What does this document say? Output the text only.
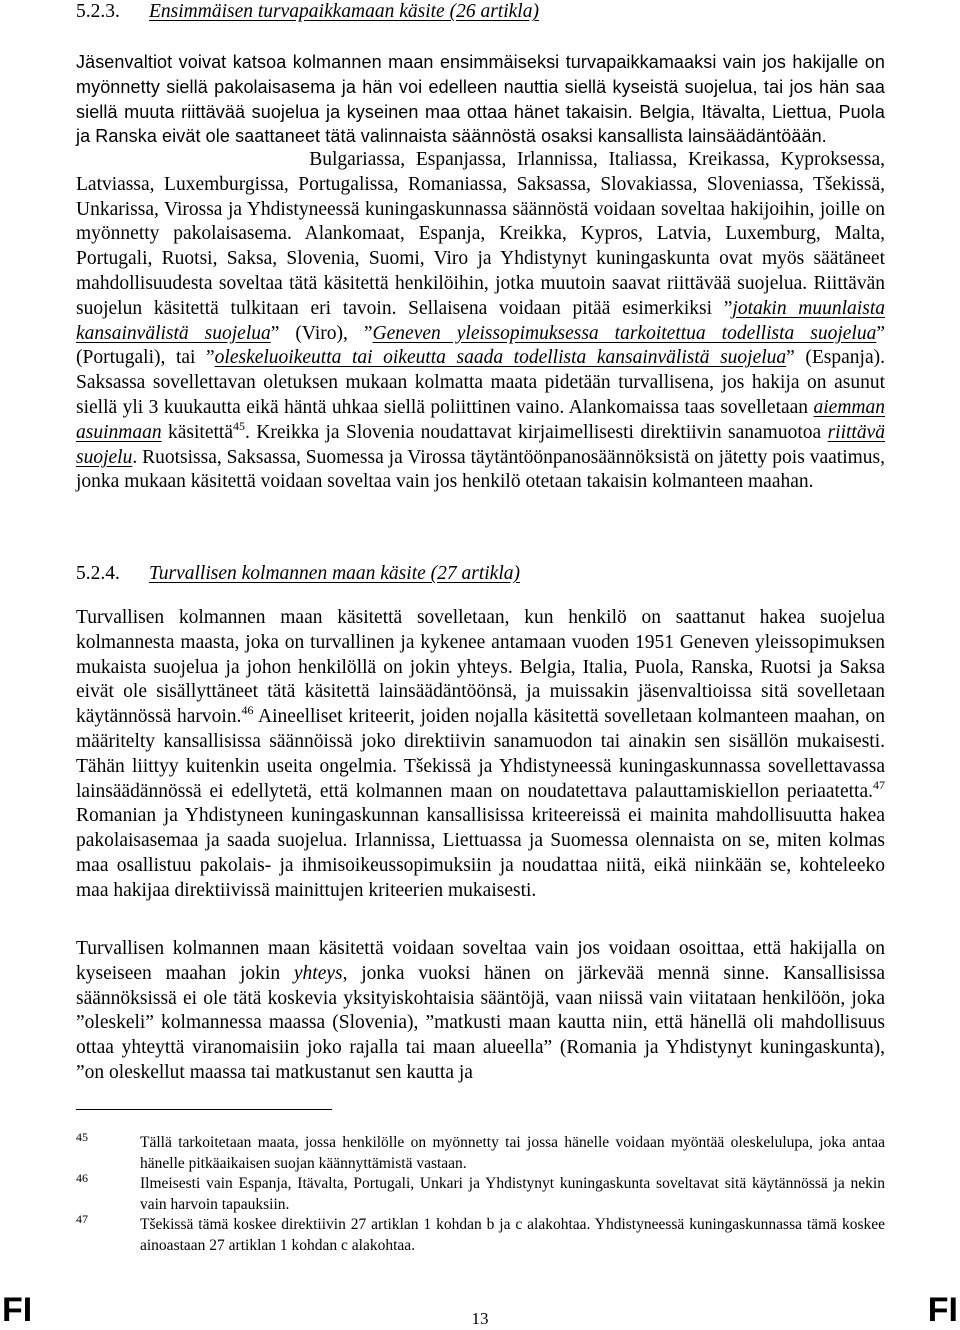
5.2.3. Ensimmäisen turvapaikkamaan käsite (26 artikla)
Jäsenvaltiot voivat katsoa kolmannen maan ensimmäiseksi turvapaikkamaaksi vain jos hakijalle on myönnetty siellä pakolaisasema ja hän voi edelleen nauttia siellä kyseistä suojelua, tai jos hän saa siellä muuta riittävää suojelua ja kyseinen maa ottaa hänet takaisin. Belgia, Itävalta, Liettua, Puola ja Ranska eivät ole saattaneet tätä valinnaista säännöstä osaksi kansallista lainsäädäntöään.
Bulgariassa, Espanjassa, Irlannissa, Italiassa, Kreikassa, Kyproksessa, Latviassa, Luxemburgissa, Portugalissa, Romaniassa, Saksassa, Slovakiassa, Sloveniassa, Tšekissä, Unkarissa, Virossa ja Yhdistyneessä kuningaskunnassa säännöstä voidaan soveltaa hakijoihin, joille on myönnetty pakolaisasema. Alankomaat, Espanja, Kreikka, Kypros, Latvia, Luxemburg, Malta, Portugali, Ruotsi, Saksa, Slovenia, Suomi, Viro ja Yhdistynyt kuningaskunta ovat myös säätäneet mahdollisuudesta soveltaa tätä käsitettä henkilöihin, jotka muutoin saavat riittävää suojelua. Riittävän suojelun käsitettä tulkitaan eri tavoin. Sellaisena voidaan pitää esimerkiksi ”jotakin muunlaista kansainvälistä suojelua” (Viro), ”Geneven yleissopimuksessa tarkoitettua todellista suojelua” (Portugali), tai ”oleskeluoikeutta tai oikeutta saada todellista kansainvälistä suojelua” (Espanja). Saksassa sovellettavan oletuksen mukaan kolmatta maata pidetään turvallisena, jos hakija on asunut siellä yli 3 kuukautta eikä häntä uhkaa siellä poliittinen vaino. Alankomaissa taas sovelletaan aiemman asuinmaan käsitettä$^{45}$. Kreikka ja Slovenia noudattavat kirjaimellisesti direktiivin sanamuotoa riittävä suojelu. Ruotsissa, Saksassa, Suomessa ja Virossa täytäntöönpanosäännöksistä on jätetty pois vaatimus, jonka mukaan käsitettä voidaan soveltaa vain jos henkilö otetaan takaisin kolmanteen maahan.
5.2.4. Turvallisen kolmannen maan käsite (27 artikla)
Turvallisen kolmannen maan käsitettä sovelletaan, kun henkilö on saattanut hakea suojelua kolmannesta maasta, joka on turvallinen ja kykenee antamaan vuoden 1951 Geneven yleissopimuksen mukaista suojelua ja johon henkilöllä on jokin yhteys. Belgia, Italia, Puola, Ranska, Ruotsi ja Saksa eivät ole sisällyttäneet tätä käsitettä lainsäädäntöönsä, ja muissakin jäsenvaltioissa sitä sovelletaan käytännössä harvoin.$^{46}$ Aineelliset kriteerit, joiden nojalla käsitettä sovelletaan kolmanteen maahan, on määritelty kansallisissa säännöissä joko direktiivin sanamuodon tai ainakin sen sisällön mukaisesti. Tähän liittyy kuitenkin useita ongelmia. Tšekissä ja Yhdistyneessä kuningaskunnassa sovellettavassa lainsäädännössä ei edellytetä, että kolmannen maan on noudatettava palauttamiskiellon periaatetta.$^{47}$ Romanian ja Yhdistyneen kuningaskunnan kansallisissa kriteereissä ei mainita mahdollisuutta hakea pakolaisasemaa ja saada suojelua. Irlannissa, Liettuassa ja Suomessa olennaista on se, miten kolmas maa osallistuu pakolais- ja ihmisoikeussopimuksiin ja noudattaa niitä, eikä niinkään se, kohteleeko maa hakijaa direktiivissä mainittujen kriteerien mukaisesti.
Turvallisen kolmannen maan käsitettä voidaan soveltaa vain jos voidaan osoittaa, että hakijalla on kyseiseen maahan jokin yhteys, jonka vuoksi hänen on järkevää mennä sinne. Kansallisissa säännöksissä ei ole tätä koskevia yksityiskohtaisia sääntöjä, vaan niissä vain viitataan henkilöön, joka ”oleskeli” kolmannessa maassa (Slovenia), ”matkusti maan kautta niin, että hänellä oli mahdollisuus ottaa yhteyttä viranomaisiin joko rajalla tai maan alueella” (Romania ja Yhdistynyt kuningaskunta), ”on oleskellut maassa tai matkustanut sen kautta ja
45	Tällä tarkoitetaan maata, jossa henkilölle on myönnetty tai jossa hänelle voidaan myöntää oleskelulupa, joka antaa hänelle pitkäaikaisen suojan käännyttämistä vastaan.
46	Ilmeisesti vain Espanja, Itävalta, Portugali, Unkari ja Yhdistynyt kuningaskunta soveltavat sitä käytännössä ja nekin vain harvoin tapauksiin.
47	Tšekissä tämä koskee direktiivin 27 artiklan 1 kohdan b ja c alakohtaa. Yhdistyneessä kuningaskunnassa tämä koskee ainoastaan 27 artiklan 1 kohdan c alakohtaa.
FI	13	FI
